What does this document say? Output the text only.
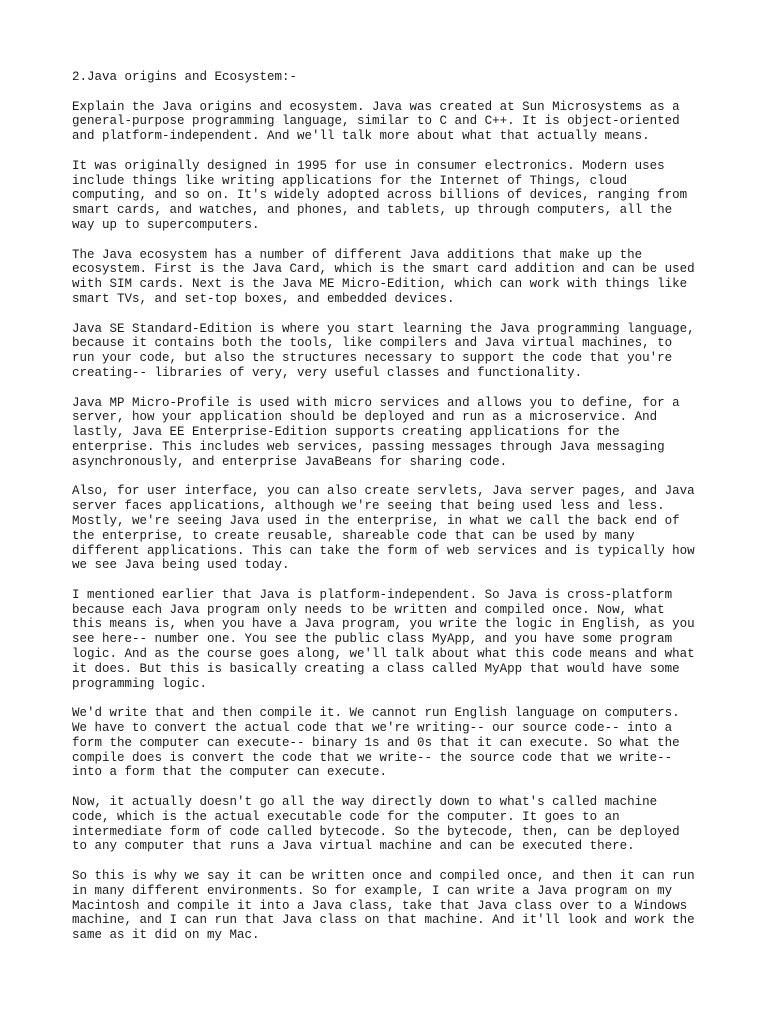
2.Java origins and Ecosystem:-
Explain the Java origins and ecosystem. Java was created at Sun Microsystems as a
general-purpose programming language, similar to C and C++. It is object-oriented
and platform-independent. And we'll talk more about what that actually means.
It was originally designed in 1995 for use in consumer electronics. Modern uses
include things like writing applications for the Internet of Things, cloud
computing, and so on. It's widely adopted across billions of devices, ranging from
smart cards, and watches, and phones, and tablets, up through computers, all the
way up to supercomputers.
The Java ecosystem has a number of different Java additions that make up the
ecosystem. First is the Java Card, which is the smart card addition and can be used
with SIM cards. Next is the Java ME Micro-Edition, which can work with things like
smart TVs, and set-top boxes, and embedded devices.
Java SE Standard-Edition is where you start learning the Java programming language,
because it contains both the tools, like compilers and Java virtual machines, to
run your code, but also the structures necessary to support the code that you're
creating-- libraries of very, very useful classes and functionality.
Java MP Micro-Profile is used with micro services and allows you to define, for a
server, how your application should be deployed and run as a microservice. And
lastly, Java EE Enterprise-Edition supports creating applications for the
enterprise. This includes web services, passing messages through Java messaging
asynchronously, and enterprise JavaBeans for sharing code.
Also, for user interface, you can also create servlets, Java server pages, and Java
server faces applications, although we're seeing that being used less and less.
Mostly, we're seeing Java used in the enterprise, in what we call the back end of
the enterprise, to create reusable, shareable code that can be used by many
different applications. This can take the form of web services and is typically how
we see Java being used today.
I mentioned earlier that Java is platform-independent. So Java is cross-platform
because each Java program only needs to be written and compiled once. Now, what
this means is, when you have a Java program, you write the logic in English, as you
see here-- number one. You see the public class MyApp, and you have some program
logic. And as the course goes along, we'll talk about what this code means and what
it does. But this is basically creating a class called MyApp that would have some
programming logic.
We'd write that and then compile it. We cannot run English language on computers.
We have to convert the actual code that we're writing-- our source code-- into a
form the computer can execute-- binary 1s and 0s that it can execute. So what the
compile does is convert the code that we write-- the source code that we write--
into a form that the computer can execute.
Now, it actually doesn't go all the way directly down to what's called machine
code, which is the actual executable code for the computer. It goes to an
intermediate form of code called bytecode. So the bytecode, then, can be deployed
to any computer that runs a Java virtual machine and can be executed there.
So this is why we say it can be written once and compiled once, and then it can run
in many different environments. So for example, I can write a Java program on my
Macintosh and compile it into a Java class, take that Java class over to a Windows
machine, and I can run that Java class on that machine. And it'll look and work the
same as it did on my Mac.
